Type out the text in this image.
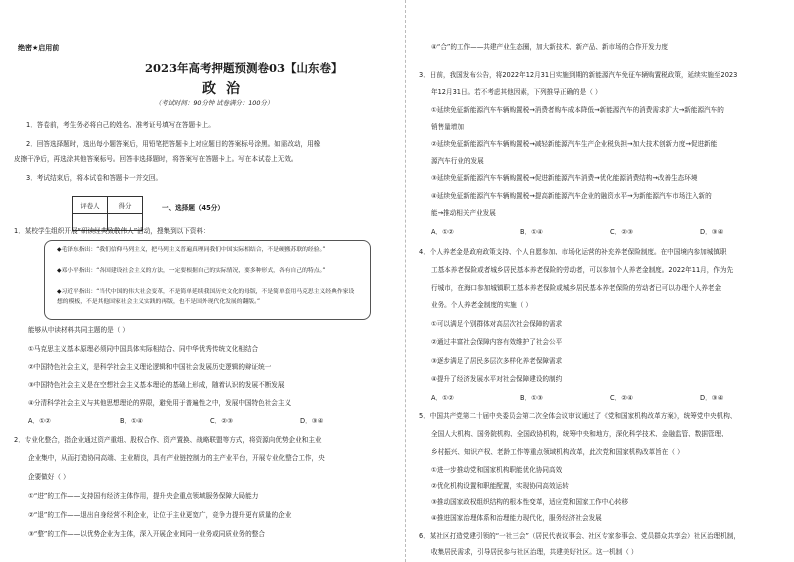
绝密★启用前
2023年高考押题预测卷03【山东卷】
政治
（考试时间：90分钟 试卷满分：100分）
1．答卷前，考生务必将自己的姓名、准考证号填写在答题卡上。
2．回答选择题时，选出每小题答案后，用铅笔把答题卡上对应题目的答案标号涂黑。如需改动，用橡
皮擦干净后，再选涂其他答案标号。回答非选择题时，将答案写在答题卡上。写在本试卷上无效。
3．考试结束后，将本试卷和答题卡一并交回。
评卷人	得分
		一、选择题（45分）
1．某校学生组织开展“研读经典致敬伟人”活动，搜集到以下资料：
◆毛泽东指出：“我们信仰马列主义，把马列主义普遍真理同我们中国实际相结合，不是硬搬苏联的经验。”
◆邓小平指出：“各国建设社会主义的方法，一定要根据自己的实际情况，要多种形式，各有自己的特点。”
◆习近平指出：“当代中国的伟大社会变革，不是简单延续我国历史文化的母版，不是简单套用马克思主义经典作家设想的模板，不是其他国家社会主义实践的再版，也不是国外现代化发展的翻版。”
能够从申读材料共同主题的是（ ）
①马克思主义基本原理必须同中国具体实际相结合、同中华优秀传统文化相结合
②中国特色社会主义，是科学社会主义理论逻辑和中国社会发展历史逻辑的辩证统一
③中国特色社会主义是在空想社会主义基本理论的基础上形成，随着认识的发展不断发展
④分清科学社会主义与其他思想理论的界限，避免用于普遍性之中，发展中国特色社会主义
A．①②	B．①④	C．②③	D．③④
2．专业化整合，指企业通过资产重组、股权合作、资产置换、战略联盟等方式，将资源向优势企业和主业
企业集中，从而打造协同高端、主业精良，具有产业链控制力的主产业平台，开展专业化整合工作，央
企要做好（ ）
①“进”的工作——支持国有经济主体作用，提升央企重点领域服务保障大局能力
②“退”的工作——退出自身经营不利企业，让位于主业更宽广，竞争力提升更有质量的企业
③“整”的工作——以优势企业为主体，深入开展企业间同一业务或同质业务的整合
④“合”的工作——共建产业生态圈，加大新技术、新产品、新市场的合作开发力度
3．日前，我国发布公告，将2022年12月31日实施到期的新能源汽车免征车辆购置税政策，延续实施至2023
年12月31日。若不考虑其他因素，下列推导正确的是（ ）
①延续免征新能源汽车车辆购置税→消费者购车成本降低→新能源汽车的消费需求扩大→新能源汽车的
销售量增加
②延续免征新能源汽车车辆购置税→减轻新能源汽车生产企业税负担→加大技术创新力度→促进新能
源汽车行业的发展
③延续免征新能源汽车车辆购置税→促进新能源汽车消费→优化能源消费结构→改善生态环境
④延续免征新能源汽车车辆购置税→提高新能源汽车企业的融资水平→为新能源汽车市场注入新的
能→推动相关产业发展
A．①②	B．①④	C．②③	D．③④
4．个人养老金是政府政策支持、个人自愿参加、市场化运营的补充养老保险制度。在中国境内参加城镇职
工基本养老保险或者城乡居民基本养老保险的劳动者，可以参加个人养老金制度。2022年11月，作为先
行城市，在海口参加城镇职工基本养老保险或城乡居民基本养老保险的劳动者已可以办理个人养老金
业务。个人养老金制度的实施（ ）
①可以满足个别群体对高层次社会保障的需求
②通过丰富社会保障内容有效维护了社会公平
③逐步满足了居民多层次多样化养老保障需求
④提升了经济发展水平对社会保障建设的制约
A．①②	B．①③	C．②④	D．③④
5．中国共产党第二十届中央委员会第二次全体会议审议通过了《党和国家机构改革方案》，统筹党中央机构、
全国人大机构、国务院机构、全国政协机构，统筹中央和地方，深化科学技术、金融监管、数据管理、
乡村振兴、知识产权、老龄工作等重点领域机构改革，此次党和国家机构改革旨在（ ）
①进一步推动党和国家机构职能优化协同高效
②优化机构设置和职能配置，实现协同高效运转
③推动国家政权组织结构的根本性变革，适应党和国家工作中心转移
④推进国家治理体系和治理能力现代化，服务经济社会发展
6．某社区打造党建引领的“一社三会”（居民代表议事会、社区专家参事会、党员群众共享会）社区治理机制，
收集居民需求，引导居民参与社区治理，共建美好社区。这一机制（ ）
